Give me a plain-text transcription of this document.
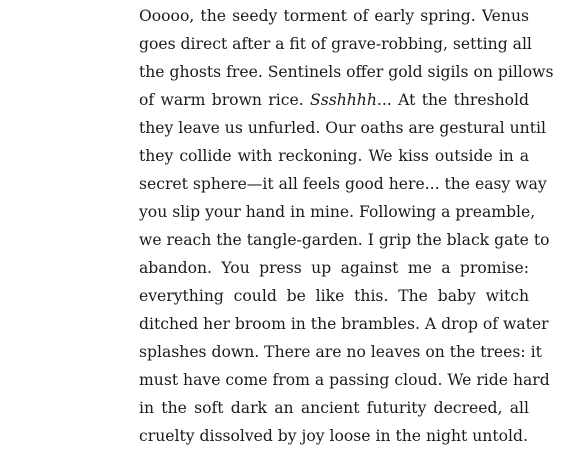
Ooooo, the seedy torment of early spring. Venus
goes direct after a fit of grave-robbing, setting all
the ghosts free. Sentinels offer gold sigils on pillows
of warm brown rice. Ssshhhh... At the threshold
they leave us unfurled. Our oaths are gestural until
they collide with reckoning. We kiss outside in a
secret sphere—it all feels good here... the easy way
you slip your hand in mine. Following a preamble,
we reach the tangle-garden. I grip the black gate to
abandon. You press up against me a promise:
everything could be like this. The baby witch
ditched her broom in the brambles. A drop of water
splashes down. There are no leaves on the trees: it
must have come from a passing cloud. We ride hard
in the soft dark an ancient futurity decreed, all
cruelty dissolved by joy loose in the night untold.
